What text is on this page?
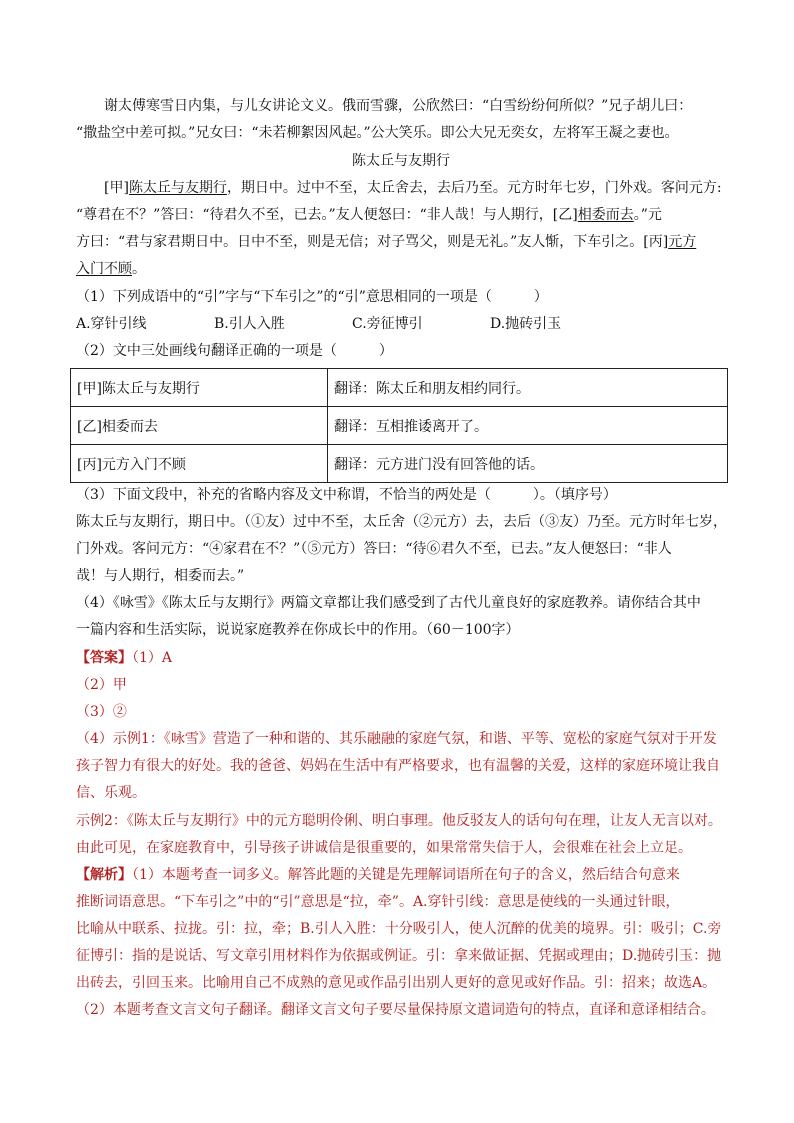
谢太傅寒雪日内集，与儿女讲论文义。俄而雪骤，公欣然曰：“白雪纷纷何所似？”兄子胡儿曰：
“撒盐空中差可拟。”兄女曰：“未若柳絮因风起。”公大笑乐。即公大兄无奕女，左将军王凝之妻也。
陈太丘与友期行
[甲]陈太丘与友期行，期日中。过中不至，太丘舍去，去后乃至。元方时年七岁，门外戏。客问元方:
“尊君在不？”答曰：“待君久不至，已去。”友人便怒曰：“非人哉！与人期行，[乙]相委而去。”元
方曰：“君与家君期日中。日中不至，则是无信；对子骂父，则是无礼。”友人惭，下车引之。[丙]元方
入门不顾。
（1）下列成语中的“引”字与“下车引之”的“引”意思相同的一项是（　　　）
A.穿针引线	B.引人入胜	C.旁征博引	D.抛砖引玉
（2）文中三处画线句翻译正确的一项是（　　　）
[甲]陈太丘与友期行	翻译：陈太丘和朋友相约同行。
[乙]相委而去	翻译：互相推诿离开了。
[丙]元方入门不顾	翻译：元方进门没有回答他的话。
（3）下面文段中，补充的省略内容及文中称谓，不恰当的两处是（　　　）。（填序号）
陈太丘与友期行，期日中。（①友）过中不至，太丘舍（②元方）去，去后（③友）乃至。元方时年七岁，
门外戏。客问元方：“④家君在不？”（⑤元方）答曰：“待⑥君久不至，已去。”友人便怒曰：“非人
哉！与人期行，相委而去。”
（4）《咏雪》《陈太丘与友期行》两篇文章都让我们感受到了古代儿童良好的家庭教养。请你结合其中
一篇内容和生活实际，说说家庭教养在你成长中的作用。（60－100字）
【答案】（1）A
（2）甲
（3）②
（4）示例1：《咏雪》营造了一种和谐的、其乐融融的家庭气氛，和谐、平等、宽松的家庭气氛对于开发
孩子智力有很大的好处。我的爸爸、妈妈在生活中有严格要求，也有温馨的关爱，这样的家庭环境让我自
信、乐观。
示例2：《陈太丘与友期行》中的元方聪明伶俐、明白事理。他反驳友人的话句句在理，让友人无言以对。
由此可见，在家庭教育中，引导孩子讲诚信是很重要的，如果常常失信于人，会很难在社会上立足。
【解析】（1）本题考查一词多义。解答此题的关键是先理解词语所在句子的含义，然后结合句意来
推断词语意思。“下车引之”中的“引”意思是“拉，牵”。A.穿针引线：意思是使线的一头通过针眼，
比喻从中联系、拉拢。引：拉，牵；B.引人入胜：十分吸引人，使人沉醉的优美的境界。引：吸引；C.旁
征博引：指的是说话、写文章引用材料作为依据或例证。引：拿来做证据、凭据或理由；D.抛砖引玉：抛
出砖去，引回玉来。比喻用自己不成熟的意见或作品引出别人更好的意见或好作品。引：招来；故选A。
（2）本题考查文言文句子翻译。翻译文言文句子要尽量保持原文遣词造句的特点，直译和意译相结合。
